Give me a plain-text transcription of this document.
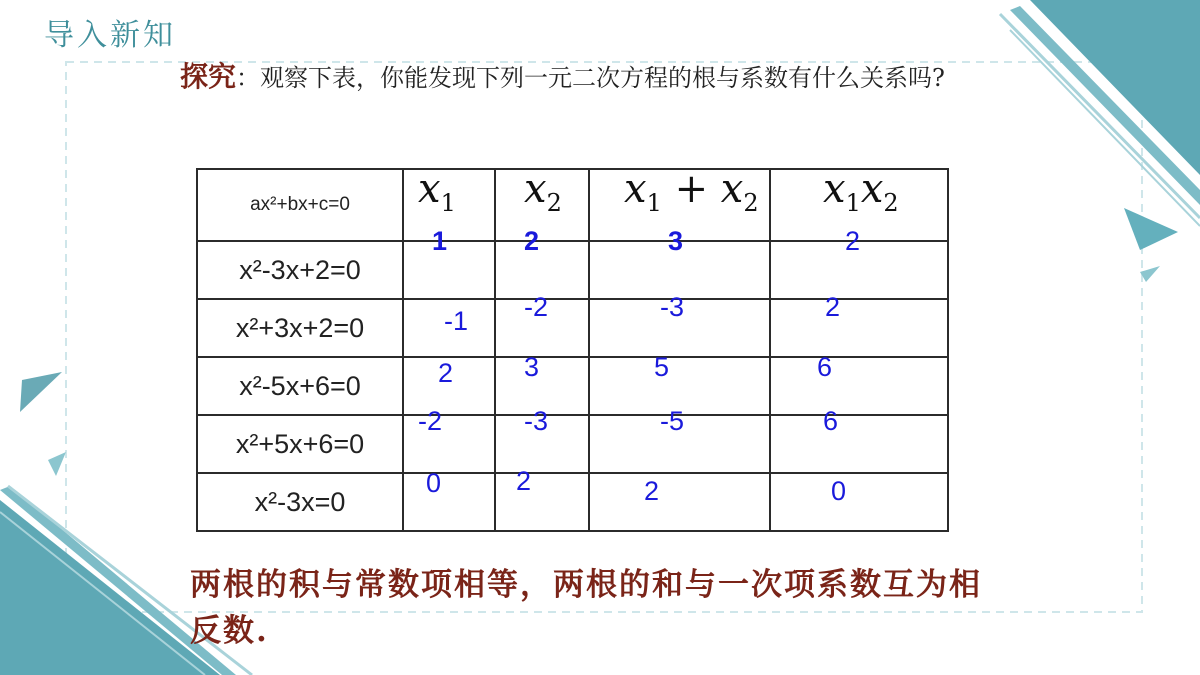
导入新知
探究：观察下表，你能发现下列一元二次方程的根与系数有什么关系吗?
ax²+bx+c=0	$x_1$	$x_2$	$x_1 + x_2$	$x_1x_2$

x²-3x+2=0	1	2	3	2

x²+3x+2=0	-1	-2	-3	2

x²-5x+6=0	2	3	5	6

x²+5x+6=0	-2	-3	-5	6

x²-3x=0	0	2	2	0
两根的积与常数项相等，两根的和与一次项系数互为相反数.
